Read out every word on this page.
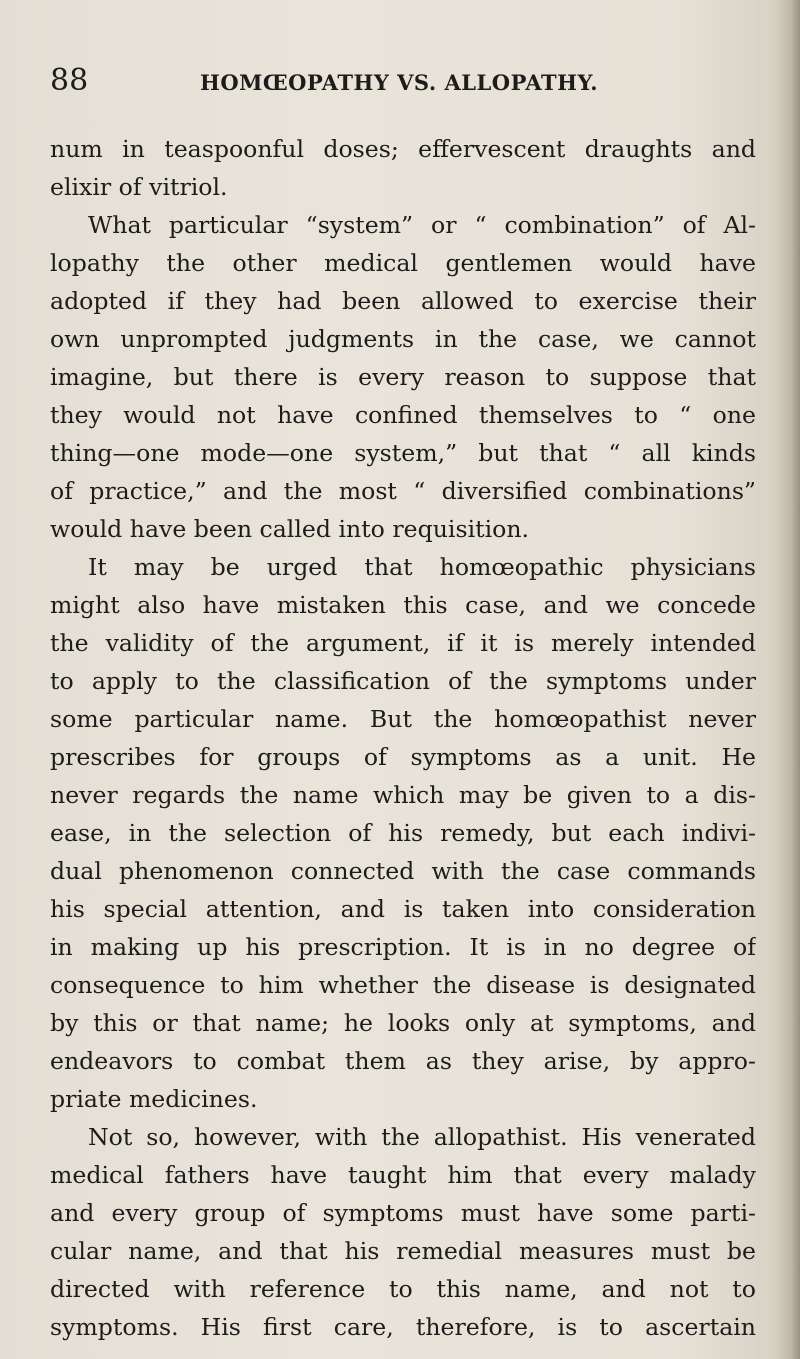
88	HOMŒOPATHY VS. ALLOPATHY.
num in teaspoonful doses; effervescent draughts and
elixir of vitriol.
What particular “system” or “ combination” of Al-
lopathy the other medical gentlemen would have
adopted if they had been allowed to exercise their
own unprompted judgments in the case, we cannot
imagine, but there is every reason to suppose that
they would not have confined themselves to “ one
thing—one mode—one system,” but that “ all kinds
of practice,” and the most “ diversified combinations”
would have been called into requisition.
It may be urged that homœopathic physicians
might also have mistaken this case, and we concede
the validity of the argument, if it is merely intended
to apply to the classification of the symptoms under
some particular name. But the homœopathist never
prescribes for groups of symptoms as a unit. He
never regards the name which may be given to a dis-
ease, in the selection of his remedy, but each indivi-
dual phenomenon connected with the case commands
his special attention, and is taken into consideration
in making up his prescription. It is in no degree of
consequence to him whether the disease is designated
by this or that name; he looks only at symptoms, and
endeavors to combat them as they arise, by appro-
priate medicines.
Not so, however, with the allopathist. His venerated
medical fathers have taught him that every malady
and every group of symptoms must have some parti-
cular name, and that his remedial measures must be
directed with reference to this name, and not to
symptoms. His first care, therefore, is to ascertain
